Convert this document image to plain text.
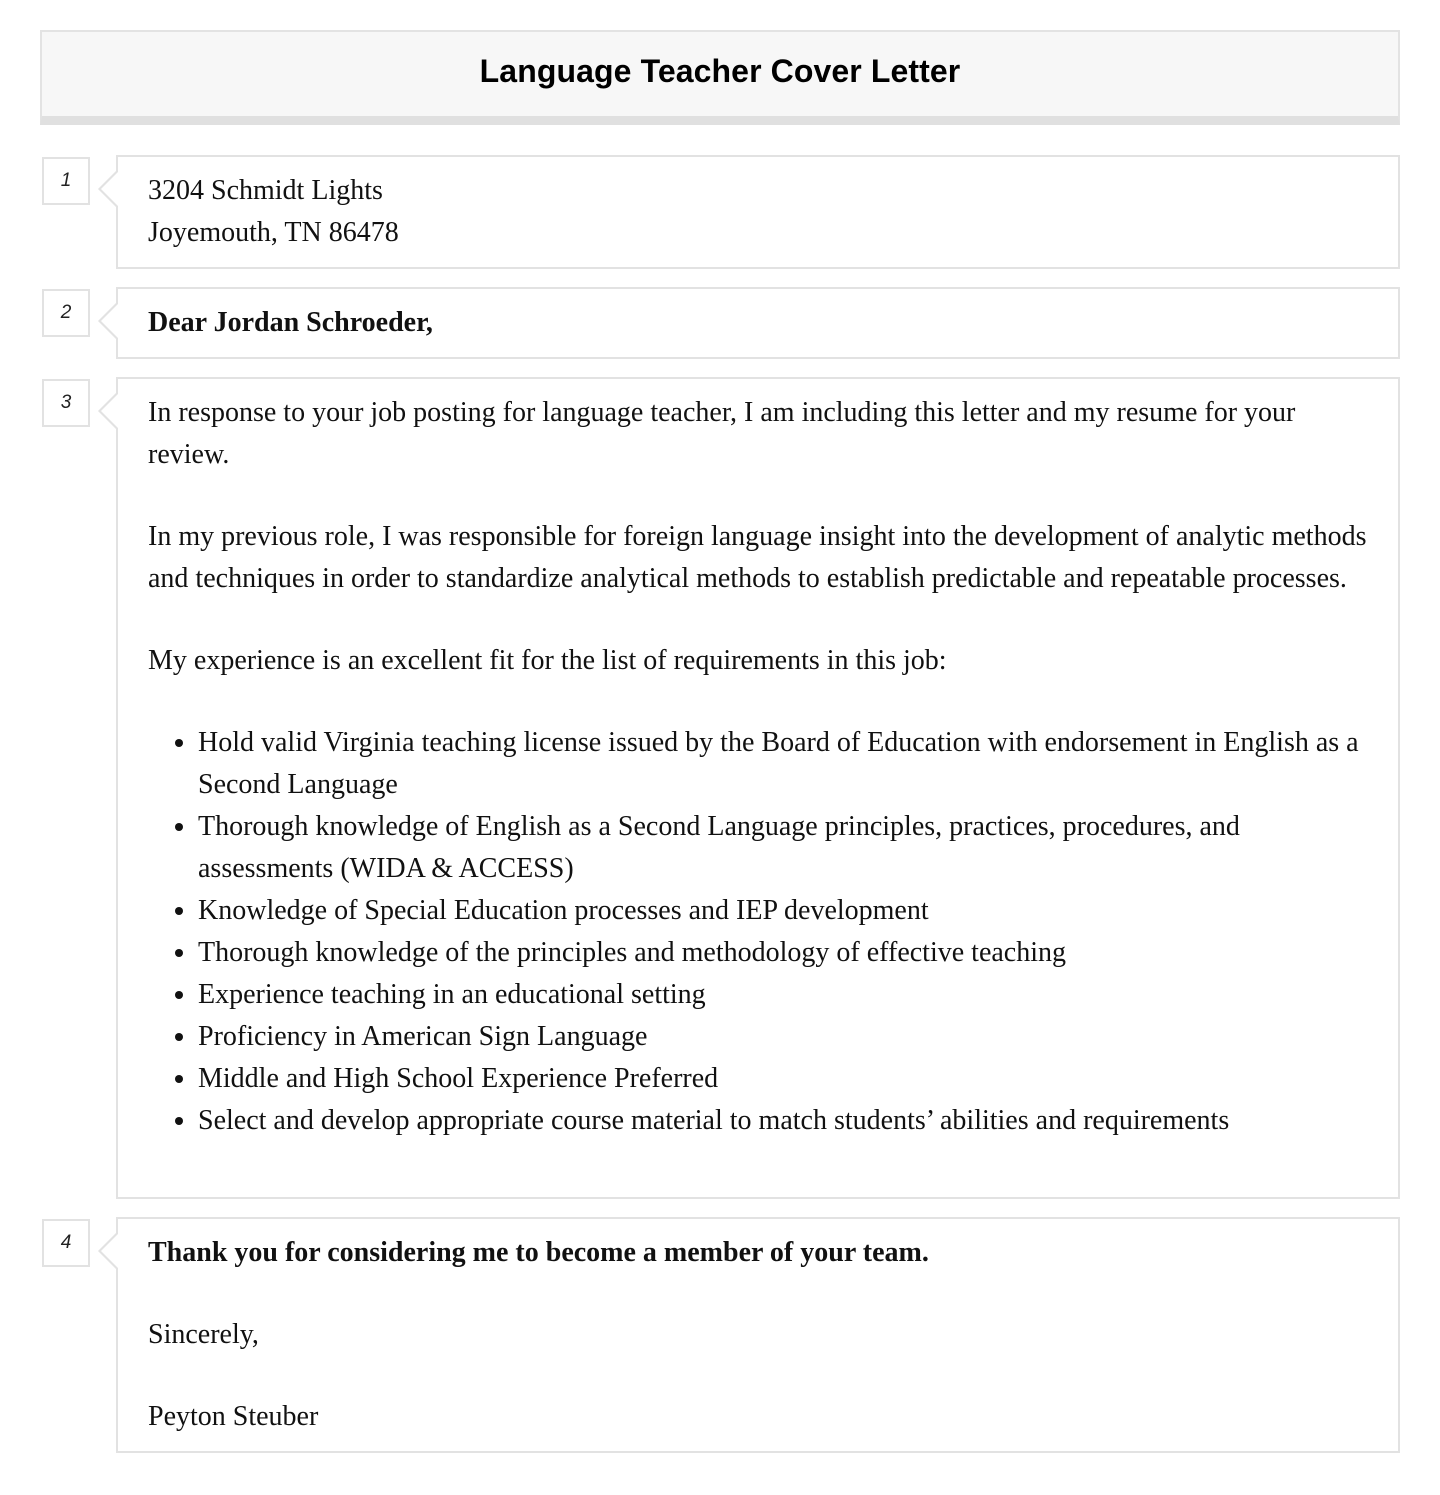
Language Teacher Cover Letter
1	3204 Schmidt Lights
Joyemouth, TN 86478
2	Dear Jordan Schroeder,
3	In response to your job posting for language teacher, I am including this letter and my resume for your review.

In my previous role, I was responsible for foreign language insight into the development of analytic methods and techniques in order to standardize analytical methods to establish predictable and repeatable processes.

My experience is an excellent fit for the list of requirements in this job:

• Hold valid Virginia teaching license issued by the Board of Education with endorsement in English as a Second Language
• Thorough knowledge of English as a Second Language principles, practices, procedures, and assessments (WIDA & ACCESS)
• Knowledge of Special Education processes and IEP development
• Thorough knowledge of the principles and methodology of effective teaching
• Experience teaching in an educational setting
• Proficiency in American Sign Language
• Middle and High School Experience Preferred
• Select and develop appropriate course material to match students’ abilities and requirements
4	Thank you for considering me to become a member of your team.

Sincerely,

Peyton Steuber
